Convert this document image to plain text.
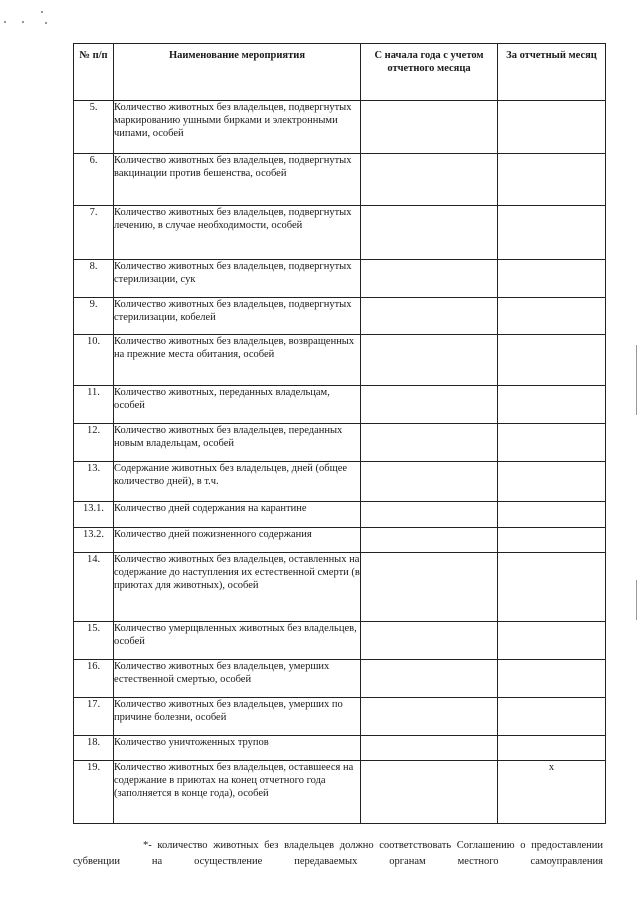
№ п/п	Наименование мероприятия	С начала года с учетом отчетного месяца	За отчетный месяц
5.	Количество животных без владельцев, подвергнутых маркированию ушными бирками и электронными чипами, особей		
6.	Количество животных без владельцев, подвергнутых вакцинации против бешенства, особей		
7.	Количество животных без владельцев, подвергнутых лечению, в случае необходимости, особей		
8.	Количество животных без владельцев, подвергнутых стерилизации, сук		
9.	Количество животных без владельцев, подвергнутых стерилизации, кобелей		
10.	Количество животных без владельцев, возвращенных на прежние места обитания, особей		
11.	Количество животных, переданных владельцам, особей		
12.	Количество животных без владельцев, переданных новым владельцам, особей		
13.	Содержание животных без владельцев, дней (общее количество дней), в т.ч.		
13.1.	Количество дней содержания на карантине		
13.2.	Количество дней пожизненного содержания		
14.	Количество животных без владельцев, оставленных на содержание до наступления их естественной смерти (в приютах для животных), особей		
15.	Количество умерщвленных животных без владельцев, особей		
16.	Количество животных без владельцев, умерших естественной смертью, особей		
17.	Количество животных без владельцев, умерших по причине болезни, особей		
18.	Количество уничтоженных трупов		
19.	Количество животных без владельцев, оставшееся на содержание в приютах на конец отчетного года (заполняется в конце года), особей		x
*- количество животных без владельцев должно соответствовать Соглашению о предоставлении субвенции на осуществление передаваемых органам местного самоуправления
